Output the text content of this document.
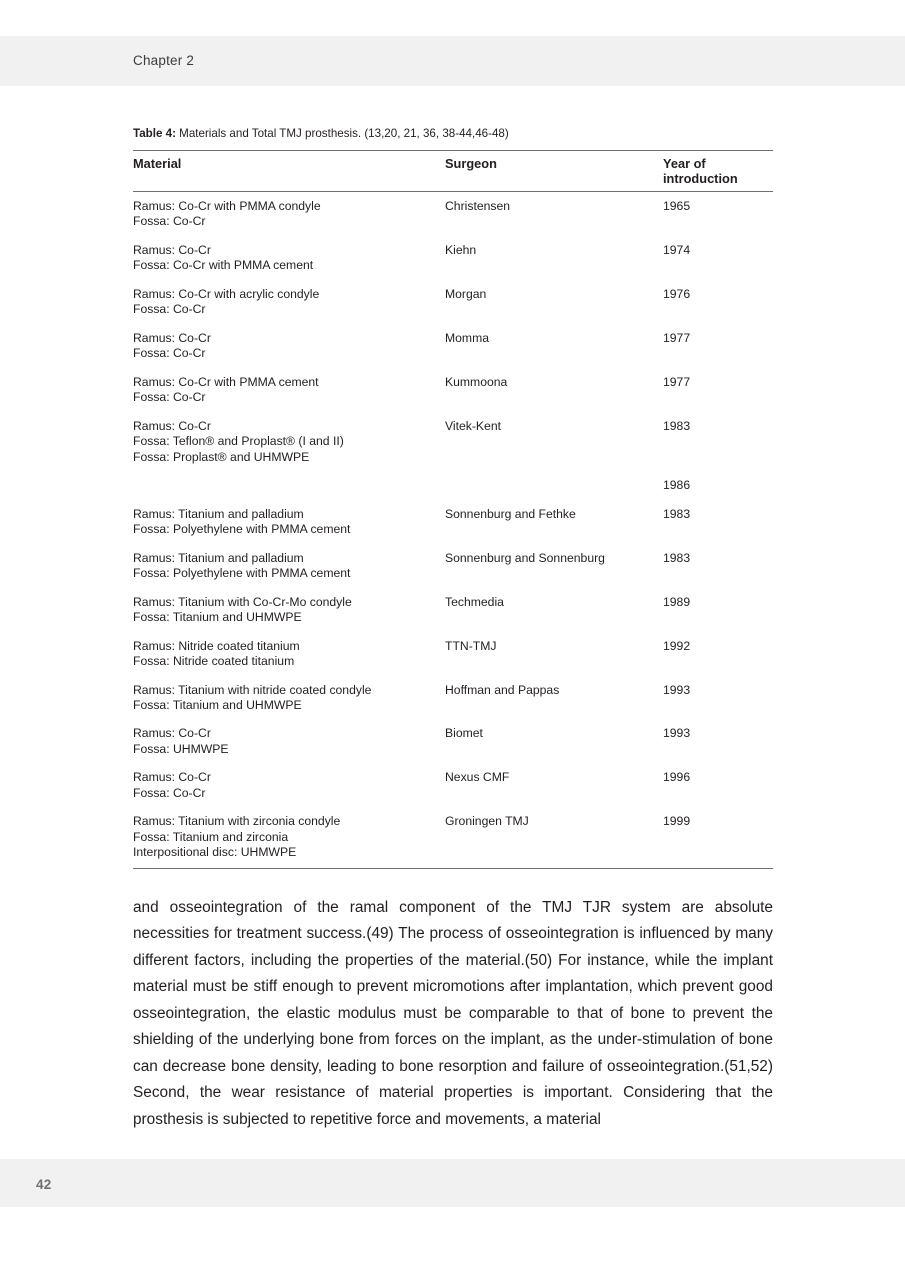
Chapter 2
Table 4: Materials and Total TMJ prosthesis. (13,20, 21, 36, 38-44,46-48)
Material	Surgeon	Year of
introduction

Ramus: Co-Cr with PMMA condyle
Fossa: Co-Cr	Christensen	1965

Ramus: Co-Cr
Fossa: Co-Cr with PMMA cement	Kiehn	1974

Ramus: Co-Cr with acrylic condyle
Fossa: Co-Cr	Morgan	1976

Ramus: Co-Cr
Fossa: Co-Cr	Momma	1977

Ramus: Co-Cr with PMMA cement
Fossa: Co-Cr	Kummoona	1977

Ramus: Co-Cr
Fossa: Teflon® and Proplast® (I and II)
Fossa: Proplast® and UHMWPE	Vitek-Kent	1983

		1986

Ramus: Titanium and palladium
Fossa: Polyethylene with PMMA cement	Sonnenburg and Fethke	1983

Ramus: Titanium and palladium
Fossa: Polyethylene with PMMA cement	Sonnenburg and Sonnenburg	1983

Ramus: Titanium with Co-Cr-Mo condyle
Fossa: Titanium and UHMWPE	Techmedia	1989

Ramus: Nitride coated titanium
Fossa: Nitride coated titanium	TTN-TMJ	1992

Ramus: Titanium with nitride coated condyle
Fossa: Titanium and UHMWPE	Hoffman and Pappas	1993

Ramus: Co-Cr
Fossa: UHMWPE	Biomet	1993

Ramus: Co-Cr
Fossa: Co-Cr	Nexus CMF	1996

Ramus: Titanium with zirconia condyle
Fossa: Titanium and zirconia
Interpositional disc: UHMWPE	Groningen TMJ	1999

and osseointegration of the ramal component of the TMJ TJR system are absolute necessities for treatment success.(49) The process of osseointegration is influenced by many different factors, including the properties of the material.(50) For instance, while the implant material must be stiff enough to prevent micromotions after implantation, which prevent good osseointegration, the elastic modulus must be comparable to that of bone to prevent the shielding of the underlying bone from forces on the implant, as the under-stimulation of bone can decrease bone density, leading to bone resorption and failure of osseointegration.(51,52) Second, the wear resistance of material properties is important. Considering that the prosthesis is subjected to repetitive force and movements, a material

42
